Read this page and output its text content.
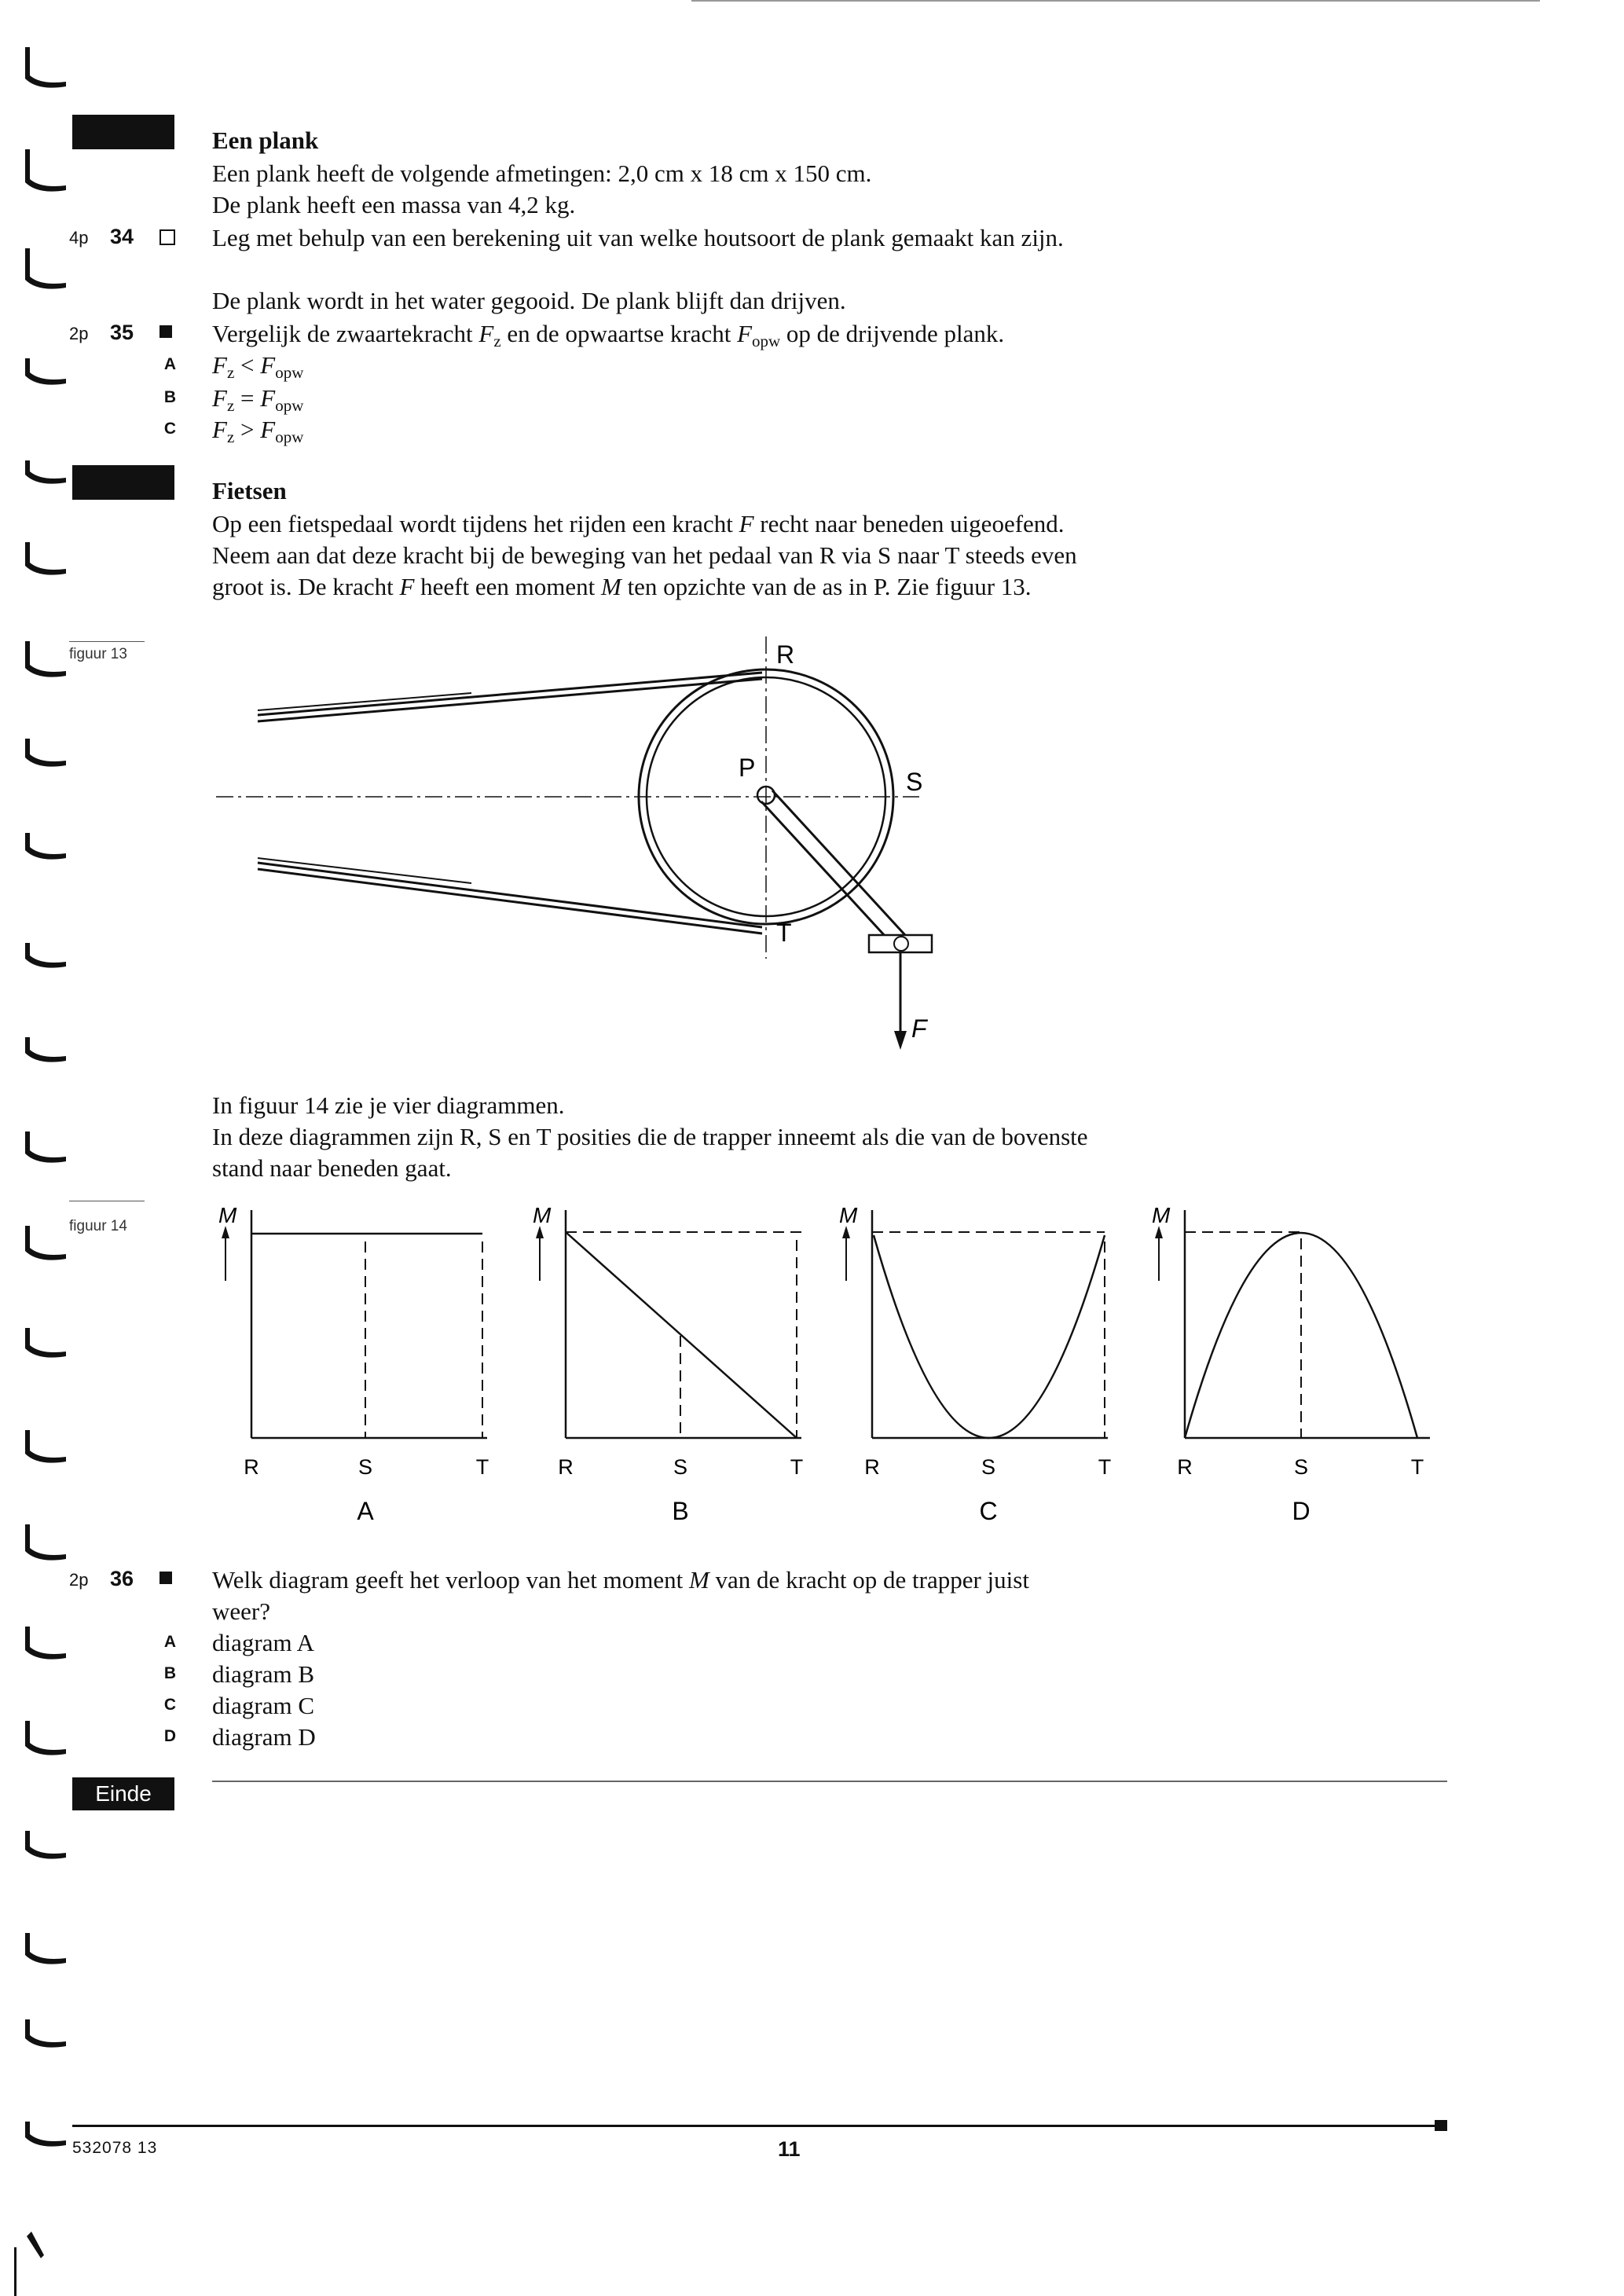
Een plank
Een plank heeft de volgende afmetingen: 2,0 cm x 18 cm x 150 cm.
De plank heeft een massa van 4,2 kg.
4p 34	Leg met behulp van een berekening uit van welke houtsoort de plank gemaakt kan zijn.
De plank wordt in het water gegooid. De plank blijft dan drijven.
2p 35	Vergelijk de zwaartekracht $F_z$ en de opwaartse kracht $F_{opw}$ op de drijvende plank.
A $F_z < F_{opw}$
B $F_z = F_{opw}$
C $F_z > F_{opw}$
Fietsen
Op een fietspedaal wordt tijdens het rijden een kracht F recht naar beneden uigeoefend.
Neem aan dat deze kracht bij de beweging van het pedaal van R via S naar T steeds even
groot is. De kracht F heeft een moment M ten opzichte van de as in P. Zie figuur 13.
figuur 13	R
P	S
T
F
In figuur 14 zie je vier diagrammen.
In deze diagrammen zijn R, S en T posities die de trapper inneemt als die van de bovenste
stand naar beneden gaat.
figuur 14	M	M	M	M
R	S	T	R	S	T	R	S	T	R	S	T
A	B	C	D
2p 36	Welk diagram geeft het verloop van het moment M van de kracht op de trapper juist
weer?
A diagram A
B diagram B
C diagram C
D diagram D
Einde
532078 13	11
